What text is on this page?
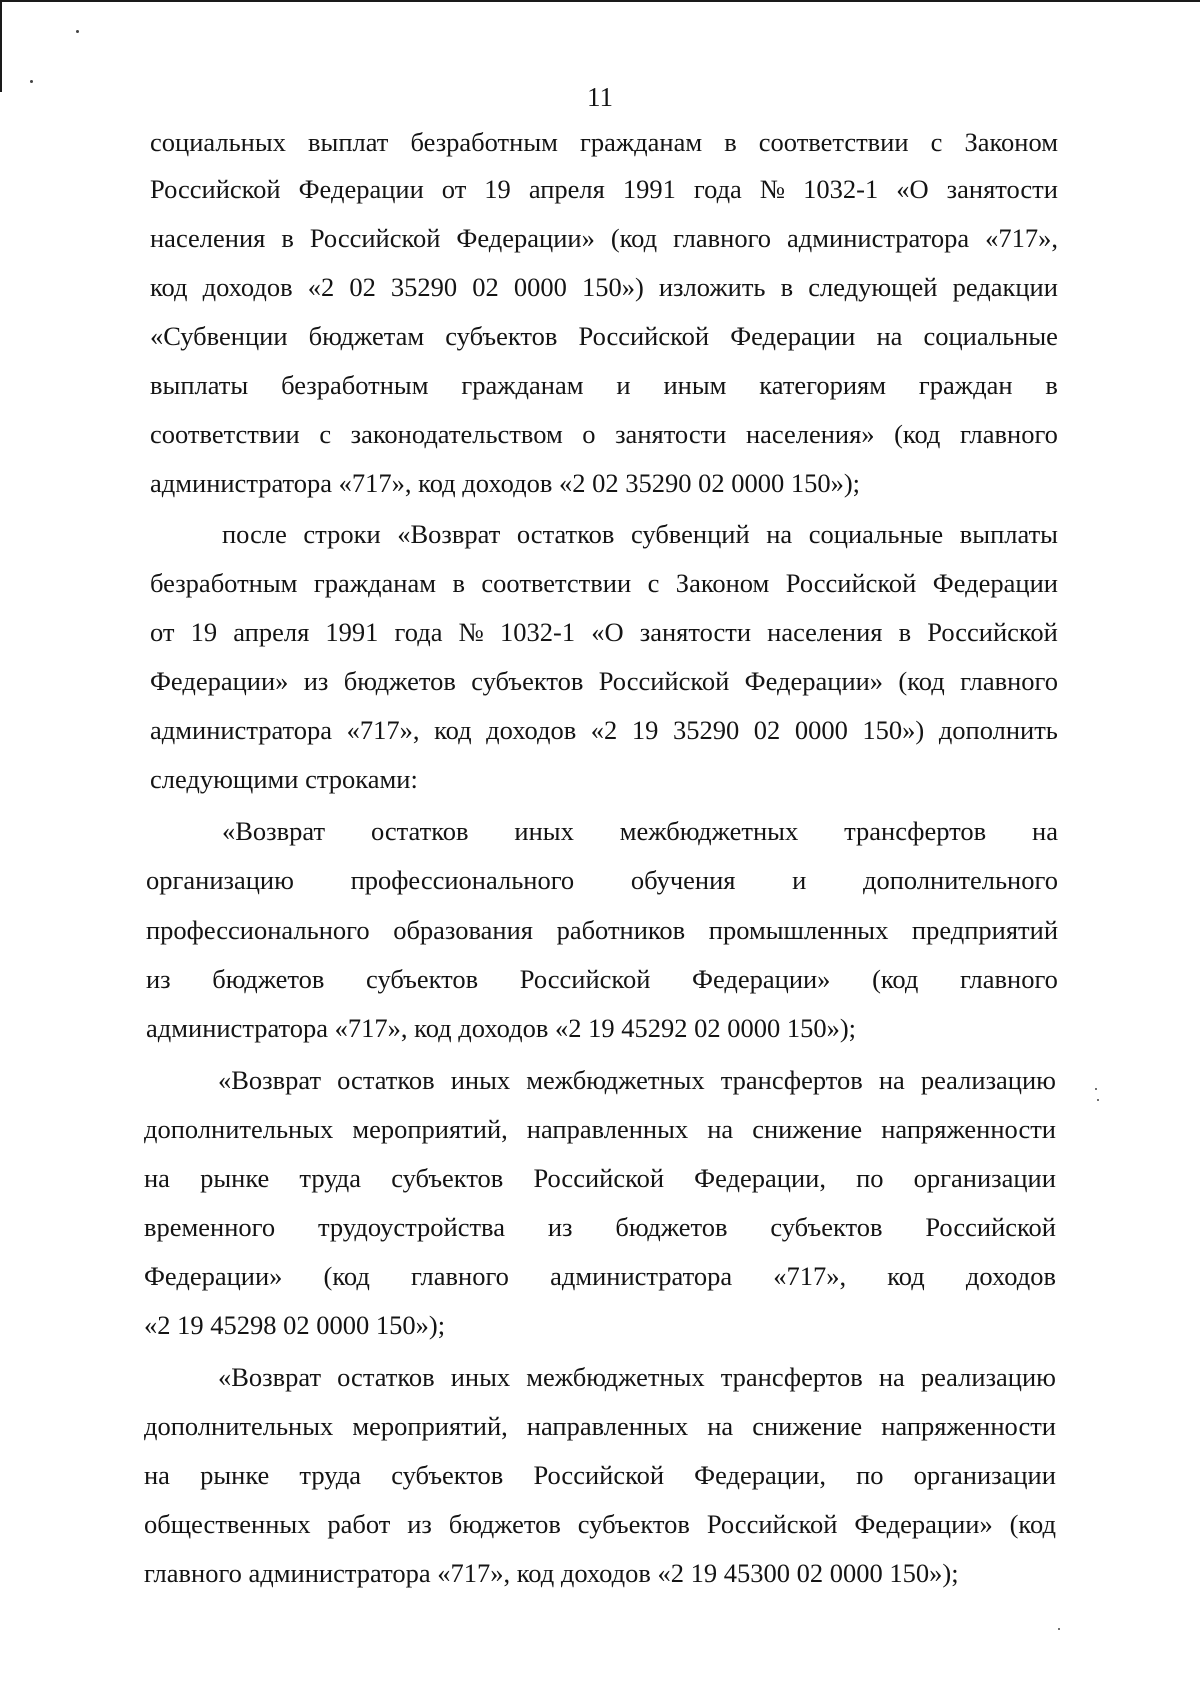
11
социальных выплат безработным гражданам в соответствии с Законом
Российской Федерации от 19 апреля 1991 года № 1032-1 «О занятости
населения в Российской Федерации» (код главного администратора «717»,
код доходов «2 02 35290 02 0000 150») изложить в следующей редакции
«Субвенции бюджетам субъектов Российской Федерации на социальные
выплаты безработным гражданам и иным категориям граждан в
соответствии с законодательством о занятости населения» (код главного
администратора «717», код доходов «2 02 35290 02 0000 150»);
после строки «Возврат остатков субвенций на социальные выплаты
безработным гражданам в соответствии с Законом Российской Федерации
от 19 апреля 1991 года № 1032-1 «О занятости населения в Российской
Федерации» из бюджетов субъектов Российской Федерации» (код главного
администратора «717», код доходов «2 19 35290 02 0000 150») дополнить
следующими строками:
«Возврат остатков иных межбюджетных трансфертов на
организацию профессионального обучения и дополнительного
профессионального образования работников промышленных предприятий
из бюджетов субъектов Российской Федерации» (код главного
администратора «717», код доходов «2 19 45292 02 0000 150»);
«Возврат остатков иных межбюджетных трансфертов на реализацию
дополнительных мероприятий, направленных на снижение напряженности
на рынке труда субъектов Российской Федерации, по организации
временного трудоустройства из бюджетов субъектов Российской
Федерации» (код главного администратора «717», код доходов
«2 19 45298 02 0000 150»);
«Возврат остатков иных межбюджетных трансфертов на реализацию
дополнительных мероприятий, направленных на снижение напряженности
на рынке труда субъектов Российской Федерации, по организации
общественных работ из бюджетов субъектов Российской Федерации» (код
главного администратора «717», код доходов «2 19 45300 02 0000 150»);
